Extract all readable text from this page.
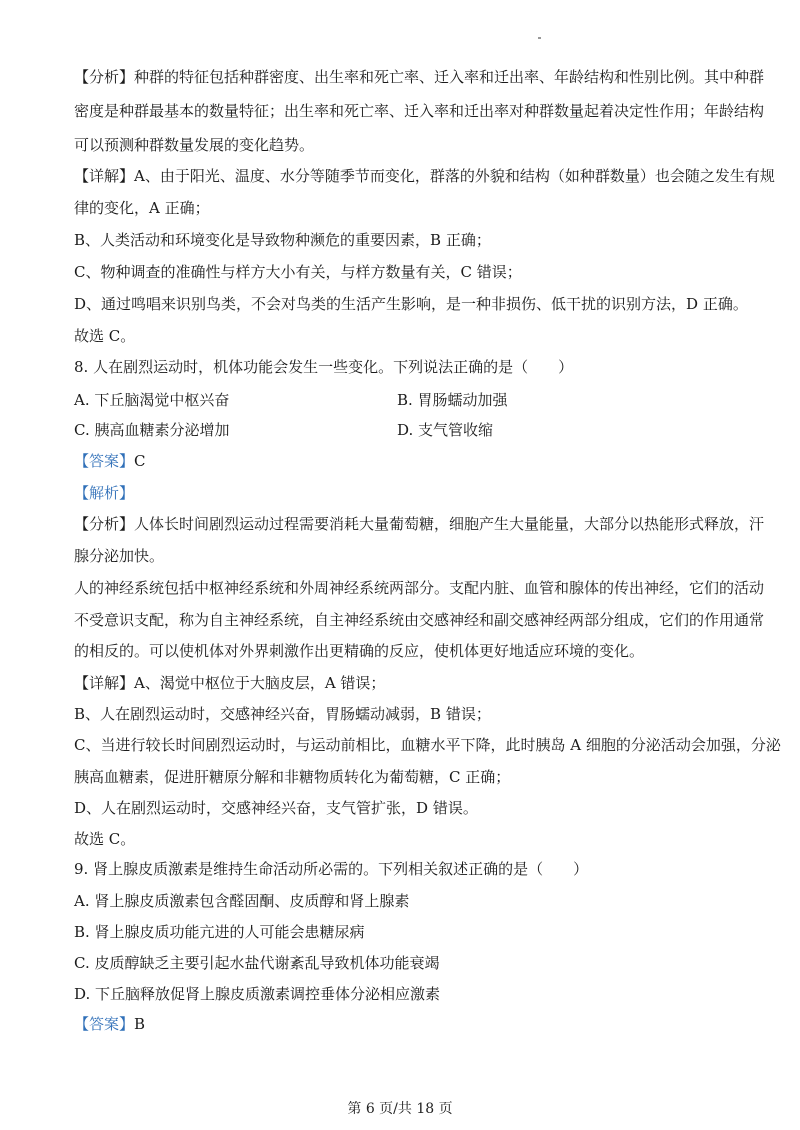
【分析】种群的特征包括种群密度、出生率和死亡率、迁入率和迁出率、年龄结构和性别比例。其中种群
密度是种群最基本的数量特征；出生率和死亡率、迁入率和迁出率对种群数量起着决定性作用；年龄结构
可以预测种群数量发展的变化趋势。
【详解】A、由于阳光、温度、水分等随季节而变化，群落的外貌和结构（如种群数量）也会随之发生有规
律的变化，A 正确；
B、人类活动和环境变化是导致物种濒危的重要因素，B 正确；
C、物种调查的准确性与样方大小有关，与样方数量有关，C 错误；
D、通过鸣唱来识别鸟类，不会对鸟类的生活产生影响，是一种非损伤、低干扰的识别方法，D 正确。
故选 C。
8. 人在剧烈运动时，机体功能会发生一些变化。下列说法正确的是（　　）
A. 下丘脑渴觉中枢兴奋	B. 胃肠蠕动加强
C. 胰高血糖素分泌增加	D. 支气管收缩
【答案】C
【解析】
【分析】人体长时间剧烈运动过程需要消耗大量葡萄糖，细胞产生大量能量，大部分以热能形式释放，汗
腺分泌加快。
人的神经系统包括中枢神经系统和外周神经系统两部分。支配内脏、血管和腺体的传出神经，它们的活动
不受意识支配，称为自主神经系统，自主神经系统由交感神经和副交感神经两部分组成，它们的作用通常
的相反的。可以使机体对外界刺激作出更精确的反应，使机体更好地适应环境的变化。
【详解】A、渴觉中枢位于大脑皮层，A 错误；
B、人在剧烈运动时，交感神经兴奋，胃肠蠕动减弱，B 错误；
C、当进行较长时间剧烈运动时，与运动前相比，血糖水平下降，此时胰岛 A 细胞的分泌活动会加强，分泌
胰高血糖素，促进肝糖原分解和非糖物质转化为葡萄糖，C 正确；
D、人在剧烈运动时，交感神经兴奋，支气管扩张，D 错误。
故选 C。
9. 肾上腺皮质激素是维持生命活动所必需的。下列相关叙述正确的是（　　）
A. 肾上腺皮质激素包含醛固酮、皮质醇和肾上腺素
B. 肾上腺皮质功能亢进的人可能会患糖尿病
C. 皮质醇缺乏主要引起水盐代谢紊乱导致机体功能衰竭
D. 下丘脑释放促肾上腺皮质激素调控垂体分泌相应激素
【答案】B
第 6 页/共 18 页
